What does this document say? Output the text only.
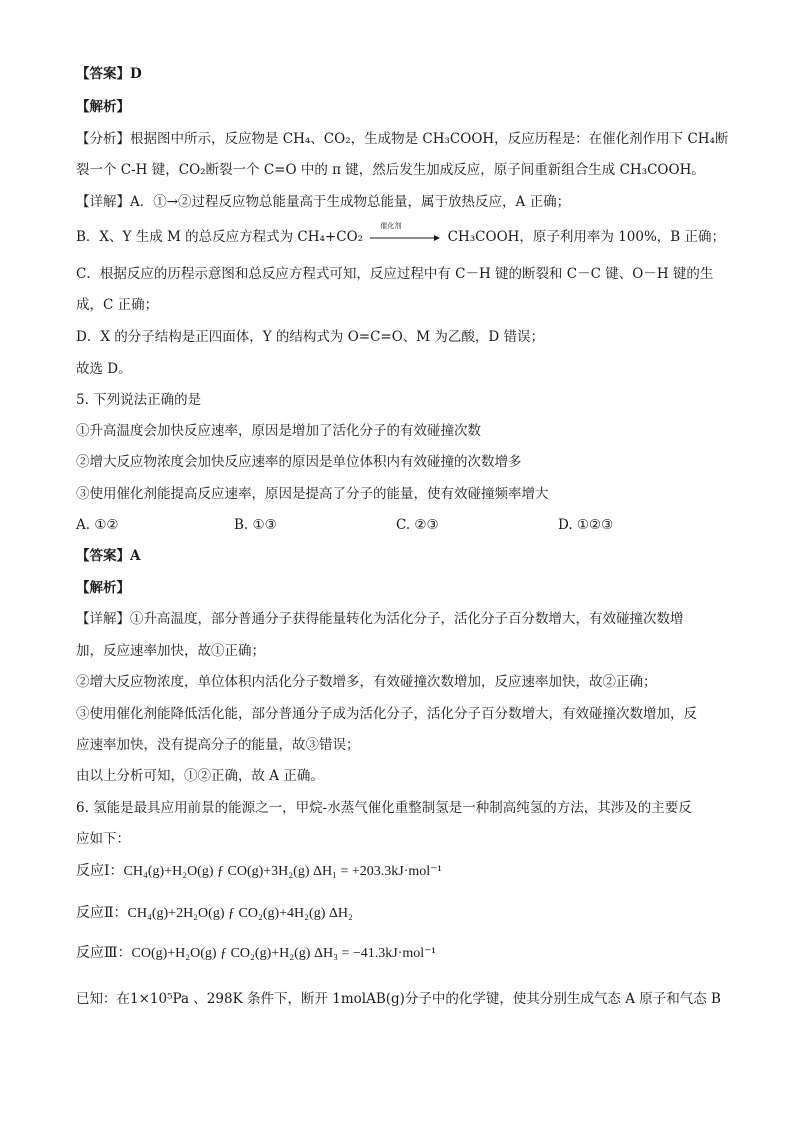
【答案】D
【解析】
【分析】根据图中所示，反应物是 CH₄、CO₂，生成物是 CH₃COOH，反应历程是：在催化剂作用下 CH₄断
裂一个 C-H 键，CO₂断裂一个 C=O 中的 π 键，然后发生加成反应，原子间重新组合生成 CH₃COOH。
【详解】A．①→②过程反应物总能量高于生成物总能量，属于放热反应，A 正确；
B．X、Y 生成 M 的总反应方程式为 CH₄+CO₂
催化剂
CH₃COOH，原子利用率为 100%，B 正确；
C．根据反应的历程示意图和总反应方程式可知，反应过程中有 C－H 键的断裂和 C－C 键、O－H 键的生
成，C 正确；
D．X 的分子结构是正四面体，Y 的结构式为 O=C=O、M 为乙酸，D 错误；
故选 D。
5. 下列说法正确的是
①升高温度会加快反应速率，原因是增加了活化分子的有效碰撞次数
②增大反应物浓度会加快反应速率的原因是单位体积内有效碰撞的次数增多
③使用催化剂能提高反应速率，原因是提高了分子的能量，使有效碰撞频率增大
A. ①②	B. ①③	C. ②③	D. ①②③
【答案】A
【解析】
【详解】①升高温度，部分普通分子获得能量转化为活化分子，活化分子百分数增大，有效碰撞次数增
加，反应速率加快，故①正确；
②增大反应物浓度，单位体积内活化分子数增多，有效碰撞次数增加，反应速率加快，故②正确；
③使用催化剂能降低活化能，部分普通分子成为活化分子，活化分子百分数增大，有效碰撞次数增加，反
应速率加快，没有提高分子的能量，故③错误；
由以上分析可知，①②正确，故 A 正确。
6. 氢能是最具应用前景的能源之一，甲烷-水蒸气催化重整制氢是一种制高纯氢的方法，其涉及的主要反
应如下：
反应Ⅰ：CH₄(g)+H₂O(g) ƒ CO(g)+3H₂(g) ΔH₁ = +203.3kJ·mol⁻¹
反应Ⅱ：CH₄(g)+2H₂O(g) ƒ CO₂(g)+4H₂(g) ΔH₂
反应Ⅲ：CO(g)+H₂O(g) ƒ CO₂(g)+H₂(g) ΔH₃ = −41.3kJ·mol⁻¹
已知：在1×10⁵Pa 、298K 条件下，断开 1molAB(g)分子中的化学键，使其分别生成气态 A 原子和气态 B
